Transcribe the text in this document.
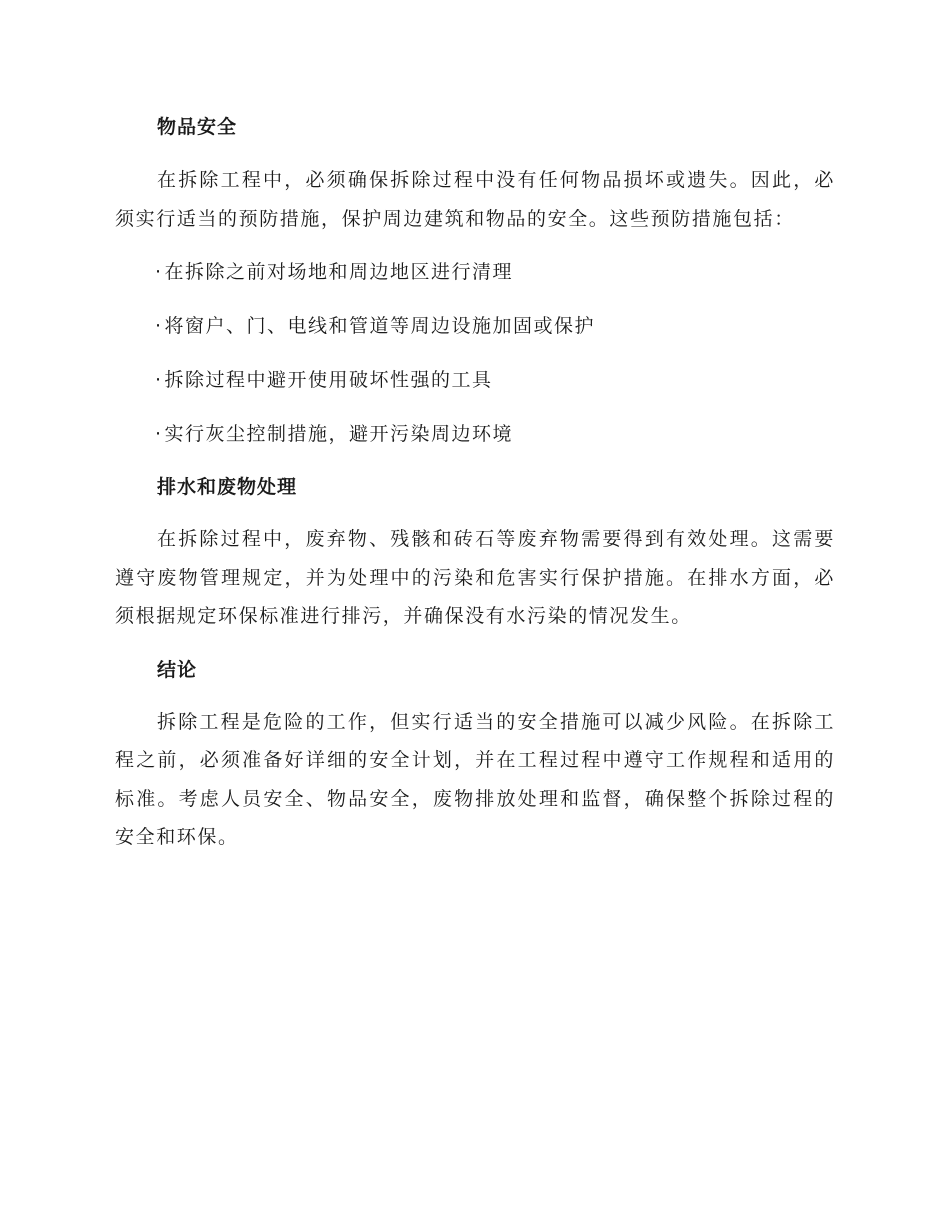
物品安全

在拆除工程中，必须确保拆除过程中没有任何物品损坏或遗失。因此，必须实行适当的预防措施，保护周边建筑和物品的安全。这些预防措施包括：

· 在拆除之前对场地和周边地区进行清理
· 将窗户、门、电线和管道等周边设施加固或保护
· 拆除过程中避开使用破坏性强的工具
· 实行灰尘控制措施，避开污染周边环境
排水和废物处理

在拆除过程中，废弃物、残骸和砖石等废弃物需要得到有效处理。这需要遵守废物管理规定，并为处理中的污染和危害实行保护措施。在排水方面，必须根据规定环保标准进行排污，并确保没有水污染的情况发生。

结论

拆除工程是危险的工作，但实行适当的安全措施可以减少风险。在拆除工程之前，必须准备好详细的安全计划，并在工程过程中遵守工作规程和适用的标准。考虑人员安全、物品安全，废物排放处理和监督，确保整个拆除过程的安全和环保。
